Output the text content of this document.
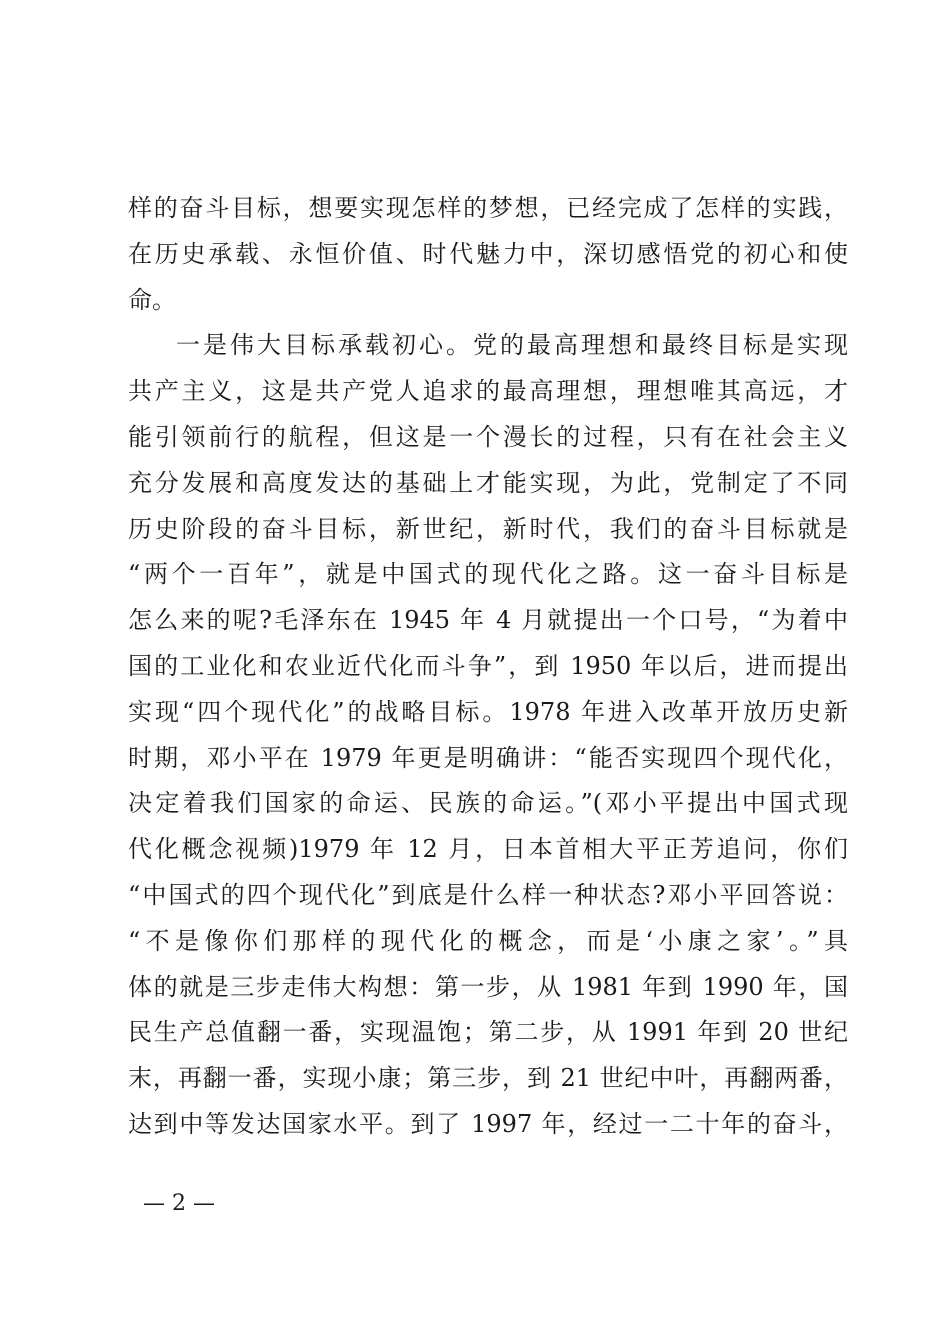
样的奋斗目标，想要实现怎样的梦想，已经完成了怎样的实践，
在历史承载、永恒价值、时代魅力中，深切感悟党的初心和使
命。
一是伟大目标承载初心。党的最高理想和最终目标是实现
共产主义，这是共产党人追求的最高理想，理想唯其高远，才
能引领前行的航程，但这是一个漫长的过程，只有在社会主义
充分发展和高度发达的基础上才能实现，为此，党制定了不同
历史阶段的奋斗目标，新世纪，新时代，我们的奋斗目标就是
“两个一百年”，就是中国式的现代化之路。这一奋斗目标是
怎么来的呢?毛泽东在 1945 年 4 月就提出一个口号，“为着中
国的工业化和农业近代化而斗争”，到 1950 年以后，进而提出
实现“四个现代化”的战略目标。1978 年进入改革开放历史新
时期，邓小平在 1979 年更是明确讲：“能否实现四个现代化，
决定着我们国家的命运、民族的命运。”(邓小平提出中国式现
代化概念视频)1979 年 12 月，日本首相大平正芳追问，你们
“中国式的四个现代化”到底是什么样一种状态?邓小平回答说：
“不是像你们那样的现代化的概念，而是‘小康之家’。”具
体的就是三步走伟大构想：第一步，从 1981 年到 1990 年，国
民生产总值翻一番，实现温饱；第二步，从 1991 年到 20 世纪
末，再翻一番，实现小康；第三步，到 21 世纪中叶，再翻两番，
达到中等发达国家水平。到了 1997 年，经过一二十年的奋斗，
— 2 —
